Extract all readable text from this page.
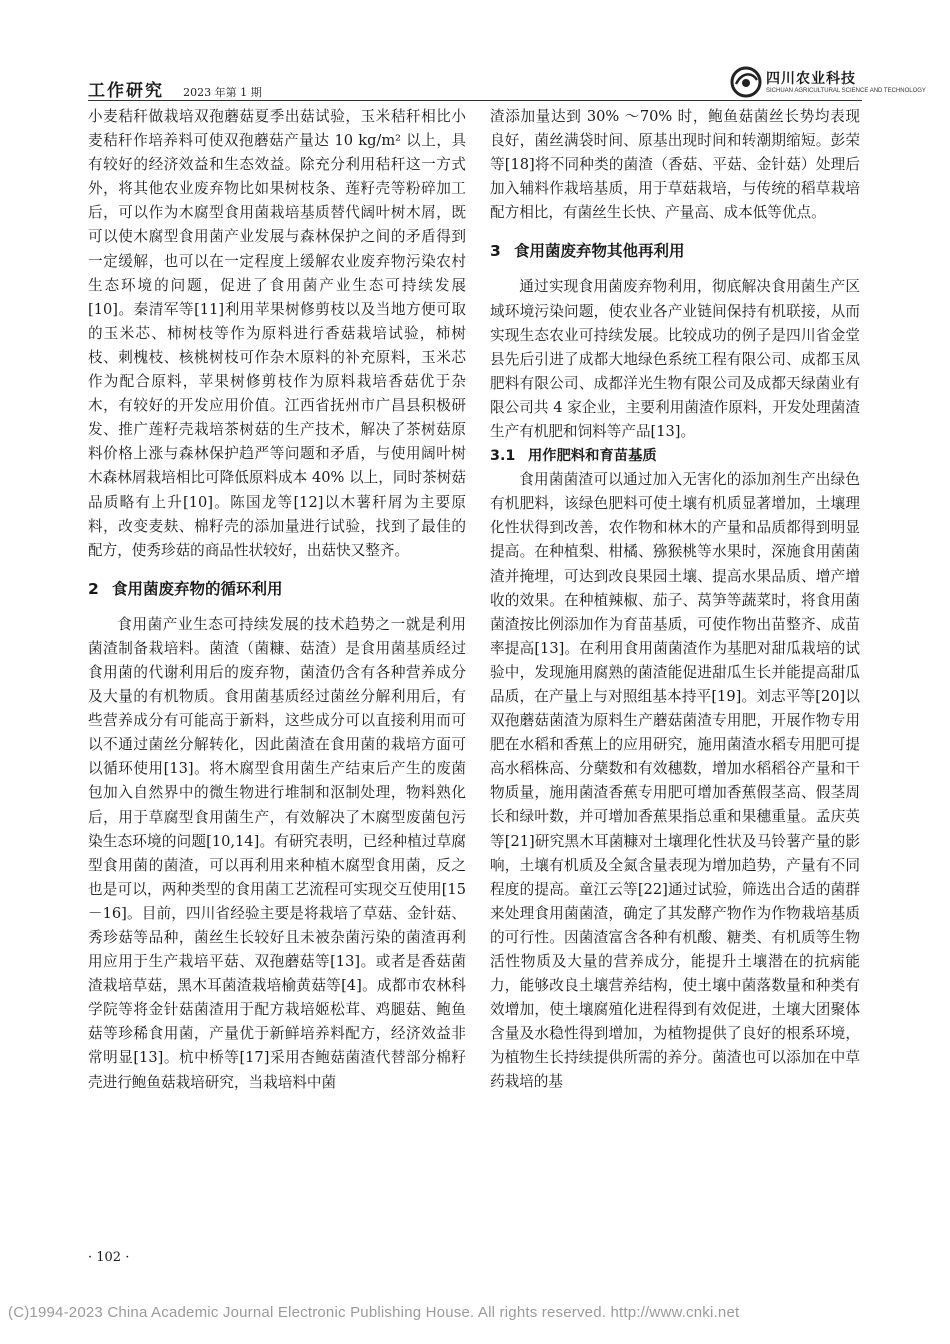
工作研究 2023 年第 1 期
四川农业科技
SICHUAN AGRICULTURAL SCIENCE AND TECHNOLOGY

小麦秸秆做栽培双孢蘑菇夏季出菇试验，玉米秸秆相比小麦秸秆作培养料可使双孢蘑菇产量达 10 kg/m² 以上，具有较好的经济效益和生态效益。除充分利用秸秆这一方式外，将其他农业废弃物比如果树枝条、莲籽壳等粉碎加工后，可以作为木腐型食用菌栽培基质替代阔叶树木屑，既可以使木腐型食用菌产业发展与森林保护之间的矛盾得到一定缓解，也可以在一定程度上缓解农业废弃物污染农村生态环境的问题，促进了食用菌产业生态可持续发展[10]。秦清军等[11]利用苹果树修剪枝以及当地方便可取的玉米芯、柿树枝等作为原料进行香菇栽培试验，柿树枝、刺槐枝、核桃树枝可作杂木原料的补充原料，玉米芯作为配合原料，苹果树修剪枝作为原料栽培香菇优于杂木，有较好的开发应用价值。江西省抚州市广昌县积极研发、推广莲籽壳栽培茶树菇的生产技术，解决了茶树菇原料价格上涨与森林保护趋严等问题和矛盾，与使用阔叶树木森林屑栽培相比可降低原料成本 40% 以上，同时茶树菇品质略有上升[10]。陈国龙等[12]以木薯秆屑为主要原料，改变麦麸、棉籽壳的添加量进行试验，找到了最佳的配方，使秀珍菇的商品性状较好，出菇快又整齐。

2 食用菌废弃物的循环利用

食用菌产业生态可持续发展的技术趋势之一就是利用菌渣制备栽培料。菌渣（菌糠、菇渣）是食用菌基质经过食用菌的代谢利用后的废弃物，菌渣仍含有各种营养成分及大量的有机物质。食用菌基质经过菌丝分解利用后，有些营养成分有可能高于新料，这些成分可以直接利用而可以不通过菌丝分解转化，因此菌渣在食用菌的栽培方面可以循环使用[13]。将木腐型食用菌生产结束后产生的废菌包加入自然界中的微生物进行堆制和沤制处理，物料熟化后，用于草腐型食用菌生产，有效解决了木腐型废菌包污染生态环境的问题[10,14]。有研究表明，已经种植过草腐型食用菌的菌渣，可以再利用来种植木腐型食用菌，反之也是可以，两种类型的食用菌工艺流程可实现交互使用[15－16]。目前，四川省经验主要是将栽培了草菇、金针菇、秀珍菇等品种，菌丝生长较好且未被杂菌污染的菌渣再利用应用于生产栽培平菇、双孢蘑菇等[13]。或者是香菇菌渣栽培草菇，黑木耳菌渣栽培榆黄菇等[4]。成都市农林科学院等将金针菇菌渣用于配方栽培姬松茸、鸡腿菇、鲍鱼菇等珍稀食用菌，产量优于新鲜培养料配方，经济效益非常明显[13]。杭中桥等[17]采用杏鲍菇菌渣代替部分棉籽壳进行鲍鱼菇栽培研究，当栽培料中菌

渣添加量达到 30% ～70% 时，鲍鱼菇菌丝长势均表现良好，菌丝满袋时间、原基出现时间和转潮期缩短。彭荣等[18]将不同种类的菌渣（香菇、平菇、金针菇）处理后加入辅料作栽培基质，用于草菇栽培，与传统的稻草栽培配方相比，有菌丝生长快、产量高、成本低等优点。

3 食用菌废弃物其他再利用

通过实现食用菌废弃物利用，彻底解决食用菌生产区域环境污染问题，使农业各产业链间保持有机联接，从而实现生态农业可持续发展。比较成功的例子是四川省金堂县先后引进了成都大地绿色系统工程有限公司、成都玉凤肥料有限公司、成都洋光生物有限公司及成都天绿菌业有限公司共 4 家企业，主要利用菌渣作原料，开发处理菌渣生产有机肥和饲料等产品[13]。

3.1 用作肥料和育苗基质

食用菌菌渣可以通过加入无害化的添加剂生产出绿色有机肥料，该绿色肥料可使土壤有机质显著增加，土壤理化性状得到改善，农作物和林木的产量和品质都得到明显提高。在种植梨、柑橘、猕猴桃等水果时，深施食用菌菌渣并掩埋，可达到改良果园土壤、提高水果品质、增产增收的效果。在种植辣椒、茄子、莴笋等蔬菜时，将食用菌菌渣按比例添加作为育苗基质，可使作物出苗整齐、成苗率提高[13]。在利用食用菌菌渣作为基肥对甜瓜栽培的试验中，发现施用腐熟的菌渣能促进甜瓜生长并能提高甜瓜品质，在产量上与对照组基本持平[19]。刘志平等[20]以双孢蘑菇菌渣为原料生产蘑菇菌渣专用肥，开展作物专用肥在水稻和香蕉上的应用研究，施用菌渣水稻专用肥可提高水稻株高、分蘖数和有效穗数，增加水稻稻谷产量和干物质量，施用菌渣香蕉专用肥可增加香蕉假茎高、假茎周长和绿叶数，并可增加香蕉果指总重和果穗重量。孟庆英等[21]研究黑木耳菌糠对土壤理化性状及马铃薯产量的影响，土壤有机质及全氮含量表现为增加趋势，产量有不同程度的提高。童江云等[22]通过试验，筛选出合适的菌群来处理食用菌菌渣，确定了其发酵产物作为作物栽培基质的可行性。因菌渣富含各种有机酸、糖类、有机质等生物活性物质及大量的营养成分，能提升土壤潜在的抗病能力，能够改良土壤营养结构，使土壤中菌落数量和种类有效增加，使土壤腐殖化进程得到有效促进，土壤大团聚体含量及水稳性得到增加，为植物提供了良好的根系环境，为植物生长持续提供所需的养分。菌渣也可以添加在中草药栽培的基

· 102 ·
(C)1994-2023 China Academic Journal Electronic Publishing House. All rights reserved. http://www.cnki.net
